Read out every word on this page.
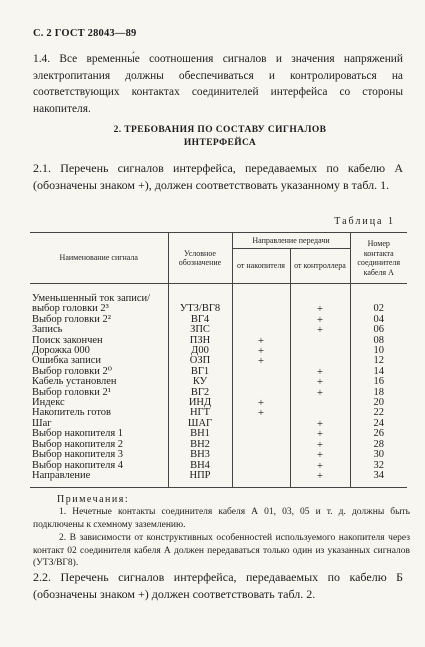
С. 2 ГОСТ 28043—89
1.4. Все временны́е соотношения сигналов и значения напряжений электропитания должны обеспечиваться и контролироваться на соответствующих контактах соединителей интерфейса со стороны накопителя.
2. ТРЕБОВАНИЯ ПО СОСТАВУ СИГНАЛОВ
ИНТЕРФЕЙСА
2.1. Перечень сигналов интерфейса, передаваемых по кабелю А (обозначены знаком +), должен соответствовать указанному в табл. 1.
Таблица 1
Наименование сигнала	Условное обозначение	Направление передачи		Номер контакта соединителя кабеля А
		от накопителя	от контроллера	
Уменьшенный ток записи/				
выбор головки 2³	УТЗ/ВГ8		+	02
Выбор головки 2²	ВГ4		+	04
Запись	ЗПС		+	06
Поиск закончен	ПЗН	+		08
Дорожка 000	Д00	+		10
Ошибка записи	ОЗП	+		12
Выбор головки 2⁰	ВГ1		+	14
Кабель установлен	КУ		+	16
Выбор головки 2¹	ВГ2		+	18
Индекс	ИНД	+		20
Накопитель готов	НГТ	+		22
Шаг	ШАГ		+	24
Выбор накопителя 1	ВН1		+	26
Выбор накопителя 2	ВН2		+	28
Выбор накопителя 3	ВН3		+	30
Выбор накопителя 4	ВН4		+	32
Направление	НПР		+	34
Примечания:
1. Нечетные контакты соединителя кабеля А 01, 03, 05 и т. д. должны быть подключены к схемному заземлению.
2. В зависимости от конструктивных особенностей используемого накопителя через контакт 02 соединителя кабеля А должен передаваться только один из указанных сигналов (УТЗ/ВГ8).
2.2. Перечень сигналов интерфейса, передаваемых по кабелю Б (обозначены знаком +) должен соответствовать табл. 2.
